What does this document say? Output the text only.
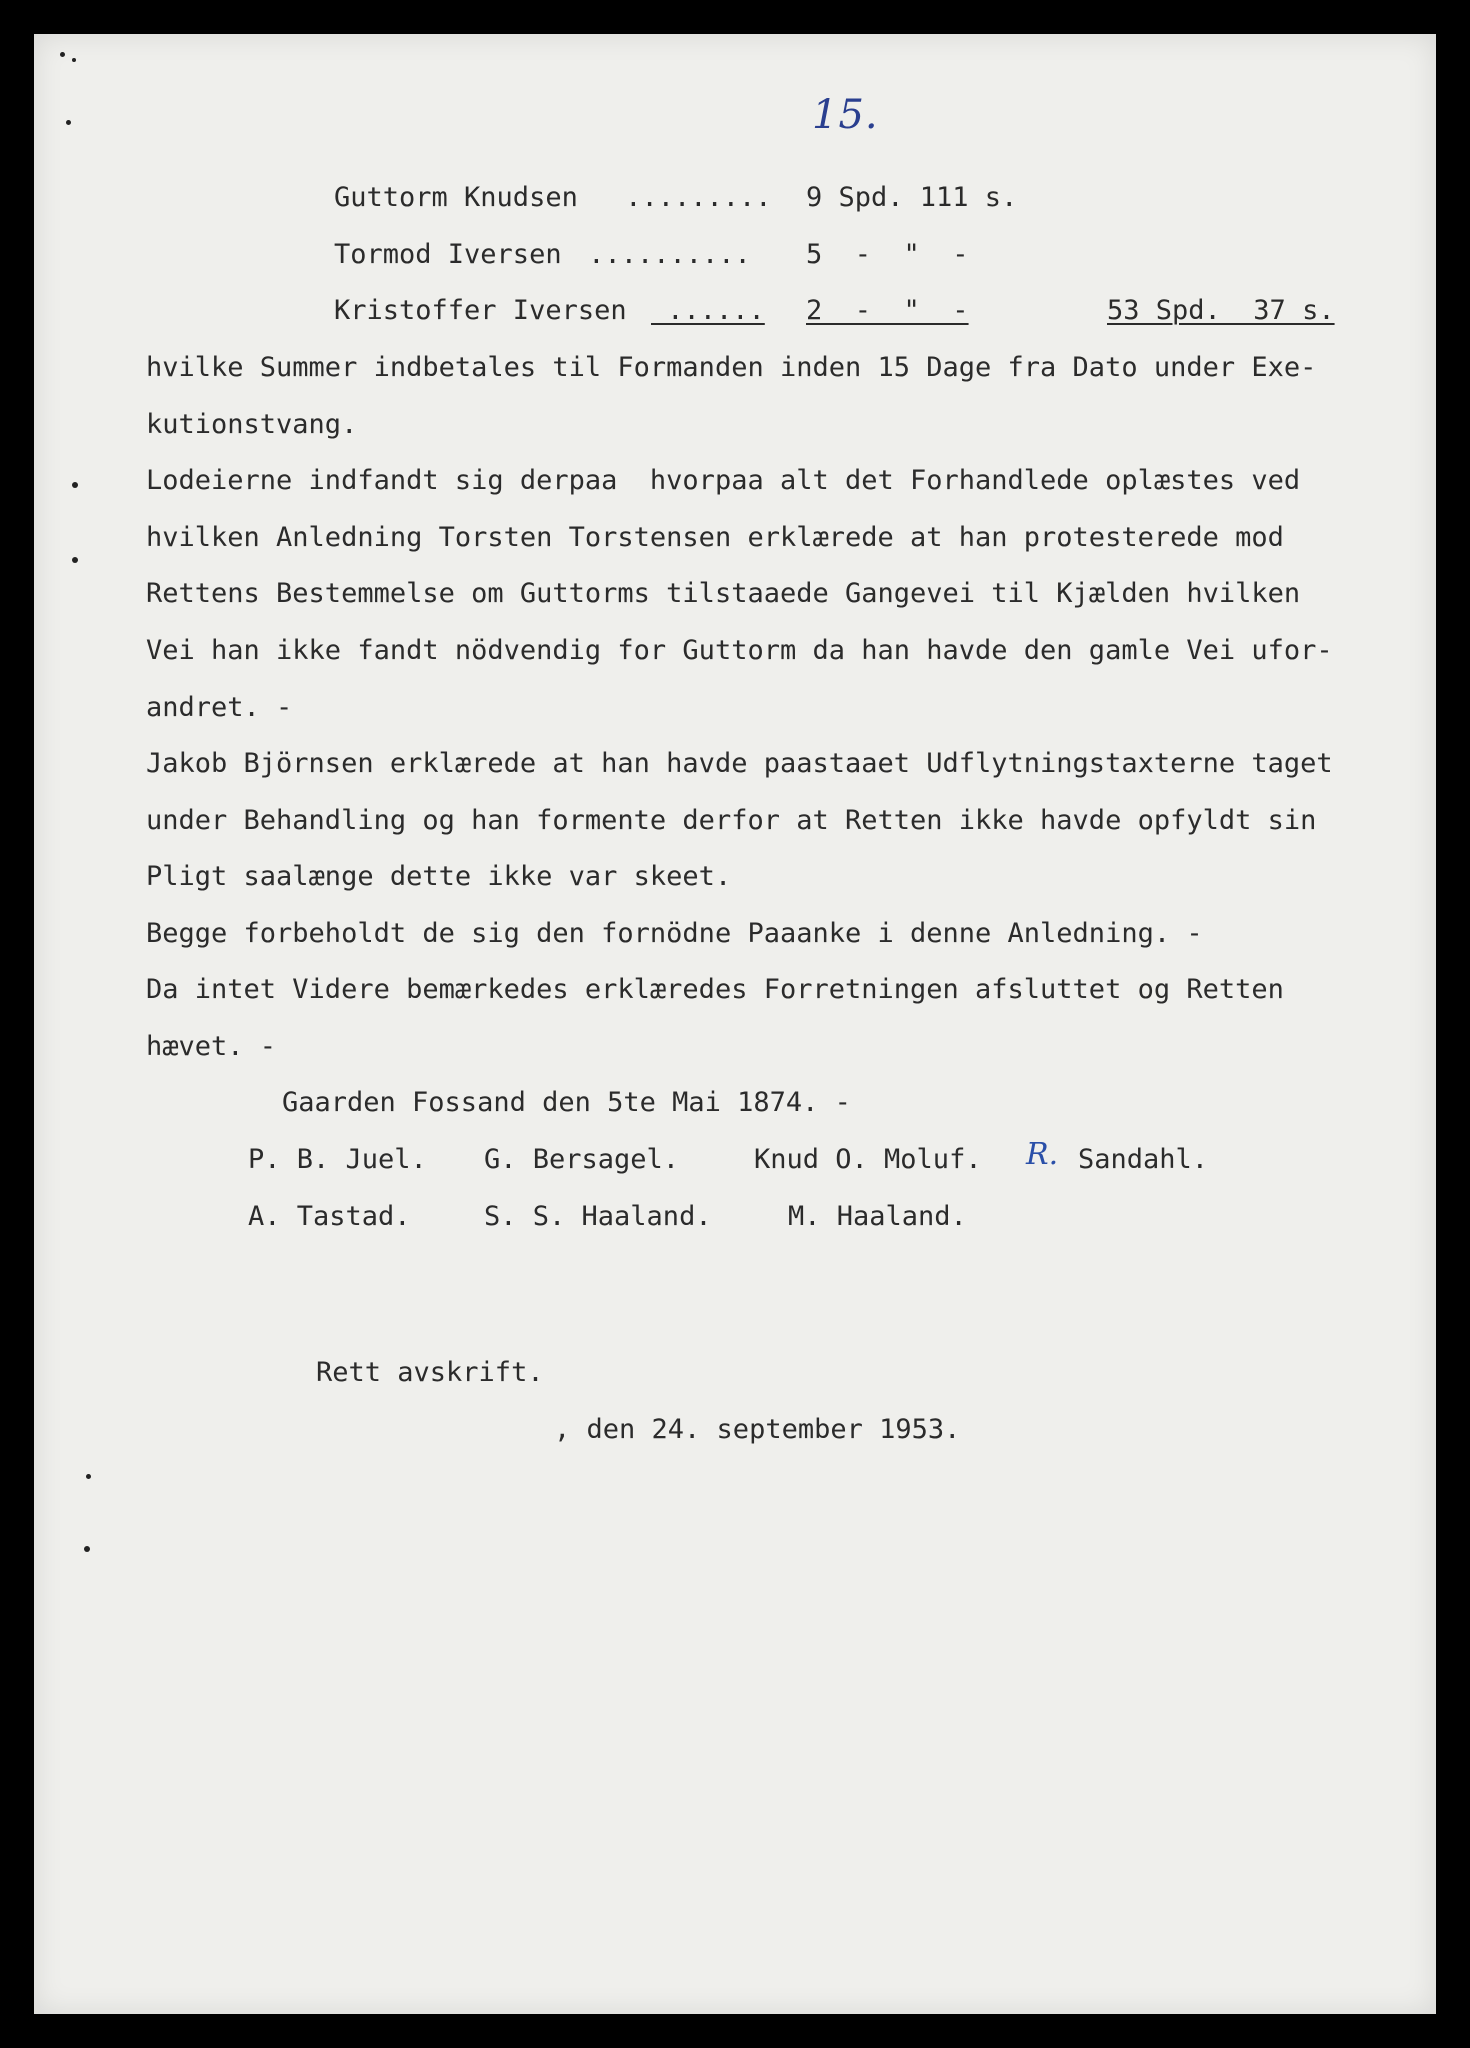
15.
Guttorm Knudsen ......... 9 Spd. 111 s.
Tormod Iversen .......... 5  -  "  -
Kristoffer Iversen ......	2  -  "  -	53 Spd.  37 s.
hvilke Summer indbetales til Formanden inden 15 Dage fra Dato under Exe-
kutionstvang.
Lodeierne indfandt sig derpaa  hvorpaa alt det Forhandlede oplæstes ved
hvilken Anledning Torsten Torstensen erklærede at han protesterede mod
Rettens Bestemmelse om Guttorms tilstaaede Gangevei til Kjælden hvilken
Vei han ikke fandt nödvendig for Guttorm da han havde den gamle Vei ufor-
andret. -
Jakob Björnsen erklærede at han havde paastaaet Udflytningstaxterne taget
under Behandling og han formente derfor at Retten ikke havde opfyldt sin
Pligt saalænge dette ikke var skeet.
Begge forbeholdt de sig den fornödne Paaanke i denne Anledning. -
Da intet Videre bemærkedes erklæredes Forretningen afsluttet og Retten
hævet. -
Gaarden Fossand den 5te Mai 1874. -
P. B. Juel. G. Bersagel.	Knud O. Moluf. R. Sandahl.
A. Tastad.	S. S. Haaland.	M. Haaland.
Rett avskrift.
, den 24. september 1953.
